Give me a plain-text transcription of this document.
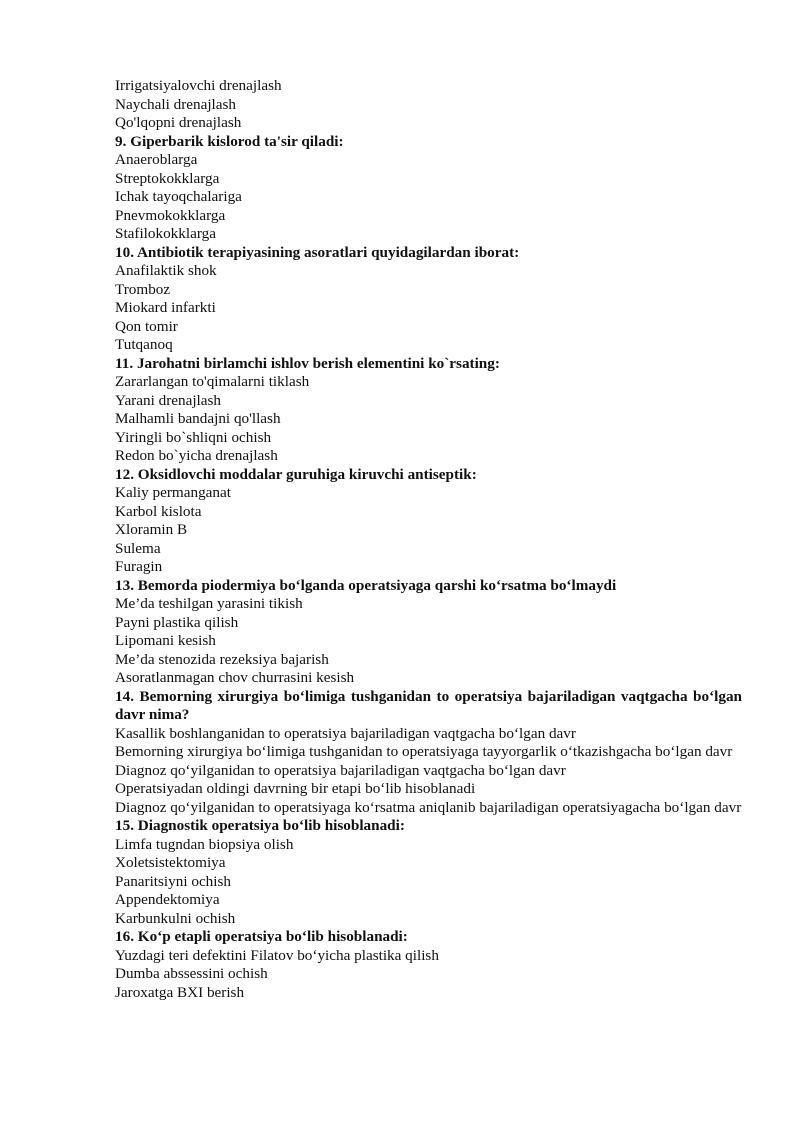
Irrigatsiyalovchi drenajlash
Naychali drenajlash
Qo'lqopni drenajlash
9. Giperbarik kislorod ta'sir qiladi:
Anaeroblarga
Streptokokklarga
Ichak tayoqchalariga
Pnevmokokklarga
Stafilokokklarga
10. Antibiotik terapiyasining asoratlari quyidagilardan iborat:
Anafilaktik shok
Tromboz
Miokard infarkti
Qon tomir
Tutqanoq
11. Jarohatni birlamchi ishlov berish elementini ko`rsating:
Zararlangan to'qimalarni tiklash
Yarani drenajlash
Malhamli bandajni qo'llash
Yiringli bo`shliqni ochish
Redon bo`yicha drenajlash
12. Oksidlovchi moddalar guruhiga kiruvchi antiseptik:
Kaliy permanganat
Karbol kislota
Xloramin B
Sulema
Furagin
13. Bemorda piodermiya bo‘lganda operatsiyaga qarshi ko‘rsatma bo‘lmaydi
Me’da teshilgan yarasini tikish
Payni plastika qilish
Lipomani kesish
Me’da stenozida rezeksiya bajarish
Asoratlanmagan chov churrasini kesish
14. Bemorning xirurgiya bo‘limiga tushganidan to operatsiya bajariladigan vaqtgacha bo‘lgan davr nima?
Kasallik boshlanganidan to operatsiya bajariladigan vaqtgacha bo‘lgan davr
Bemorning xirurgiya bo‘limiga tushganidan to operatsiyaga tayyorgarlik o‘tkazishgacha bo‘lgan davr
Diagnoz qo‘yilganidan to operatsiya bajariladigan vaqtgacha bo‘lgan davr
Operatsiyadan oldingi davrning bir etapi bo‘lib hisoblanadi
Diagnoz qo‘yilganidan to operatsiyaga ko‘rsatma aniqlanib bajariladigan operatsiyagacha bo‘lgan davr
15. Diagnostik operatsiya bo‘lib hisoblanadi:
Limfa tugndan biopsiya olish
Xoletsistektomiya
Panaritsiyni ochish
Appendektomiya
Karbunkulni ochish
16. Ko‘p etapli operatsiya bo‘lib hisoblanadi:
Yuzdagi teri defektini Filatov bo‘yicha plastika qilish
Dumba abssessini ochish
Jaroxatga BXI berish
